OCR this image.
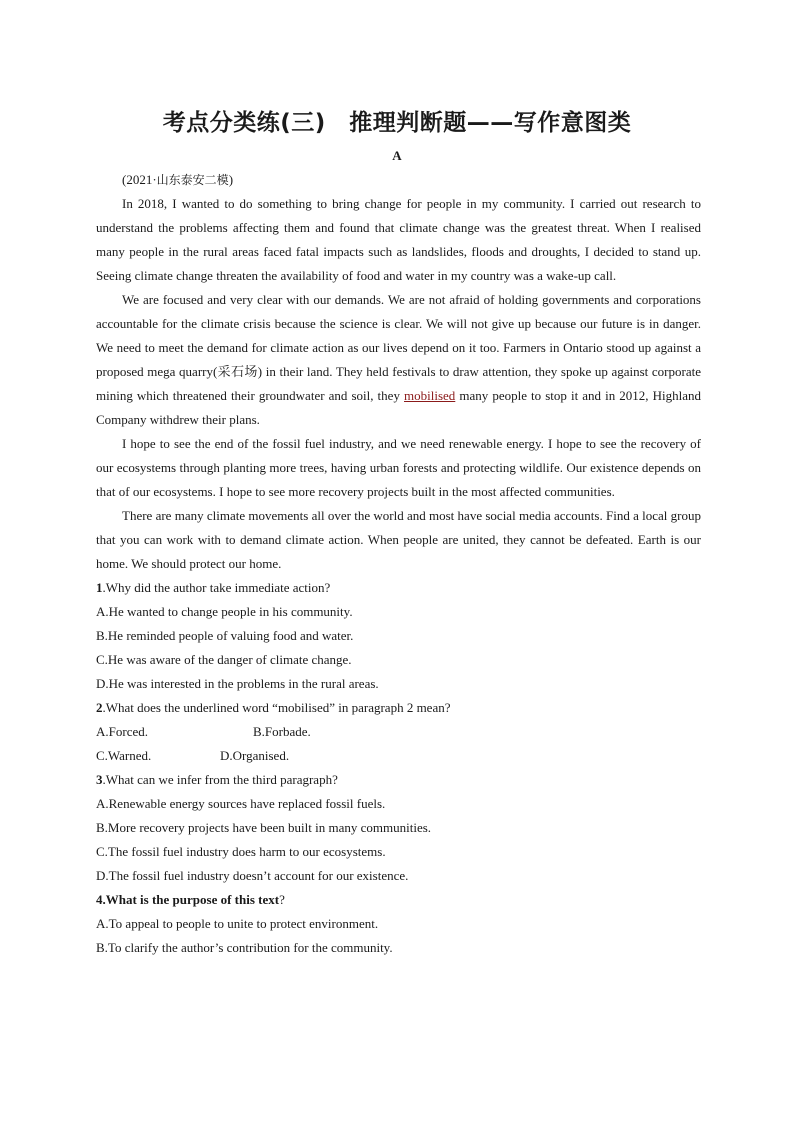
考点分类练(三)　推理判断题——写作意图类
A

(2021·山东泰安二模)

In 2018, I wanted to do something to bring change for people in my community. I carried out research to understand the problems affecting them and found that climate change was the greatest threat. When I realised many people in the rural areas faced fatal impacts such as landslides, floods and droughts, I decided to stand up. Seeing climate change threaten the availability of food and water in my country was a wake-up call.

We are focused and very clear with our demands. We are not afraid of holding governments and corporations accountable for the climate crisis because the science is clear. We will not give up because our future is in danger. We need to meet the demand for climate action as our lives depend on it too. Farmers in Ontario stood up against a proposed mega quarry(采石场) in their land. They held festivals to draw attention, they spoke up against corporate mining which threatened their groundwater and soil, they mobilised many people to stop it and in 2012, Highland Company withdrew their plans.

I hope to see the end of the fossil fuel industry, and we need renewable energy. I hope to see the recovery of our ecosystems through planting more trees, having urban forests and protecting wildlife. Our existence depends on that of our ecosystems. I hope to see more recovery projects built in the most affected communities.

There are many climate movements all over the world and most have social media accounts. Find a local group that you can work with to demand climate action. When people are united, they cannot be defeated. Earth is our home. We should protect our home.

1.Why did the author take immediate action?

A.He wanted to change people in his community.

B.He reminded people of valuing food and water.

C.He was aware of the danger of climate change.

D.He was interested in the problems in the rural areas.

2.What does the underlined word “mobilised” in paragraph 2 mean?

A.Forced.	B.Forbade.
C.Warned.	D.Organised.

3.What can we infer from the third paragraph?

A.Renewable energy sources have replaced fossil fuels.

B.More recovery projects have been built in many communities.

C.The fossil fuel industry does harm to our ecosystems.

D.The fossil fuel industry doesn’t account for our existence.

4.What is the purpose of this text?

A.To appeal to people to unite to protect environment.

B.To clarify the author’s contribution for the community.
